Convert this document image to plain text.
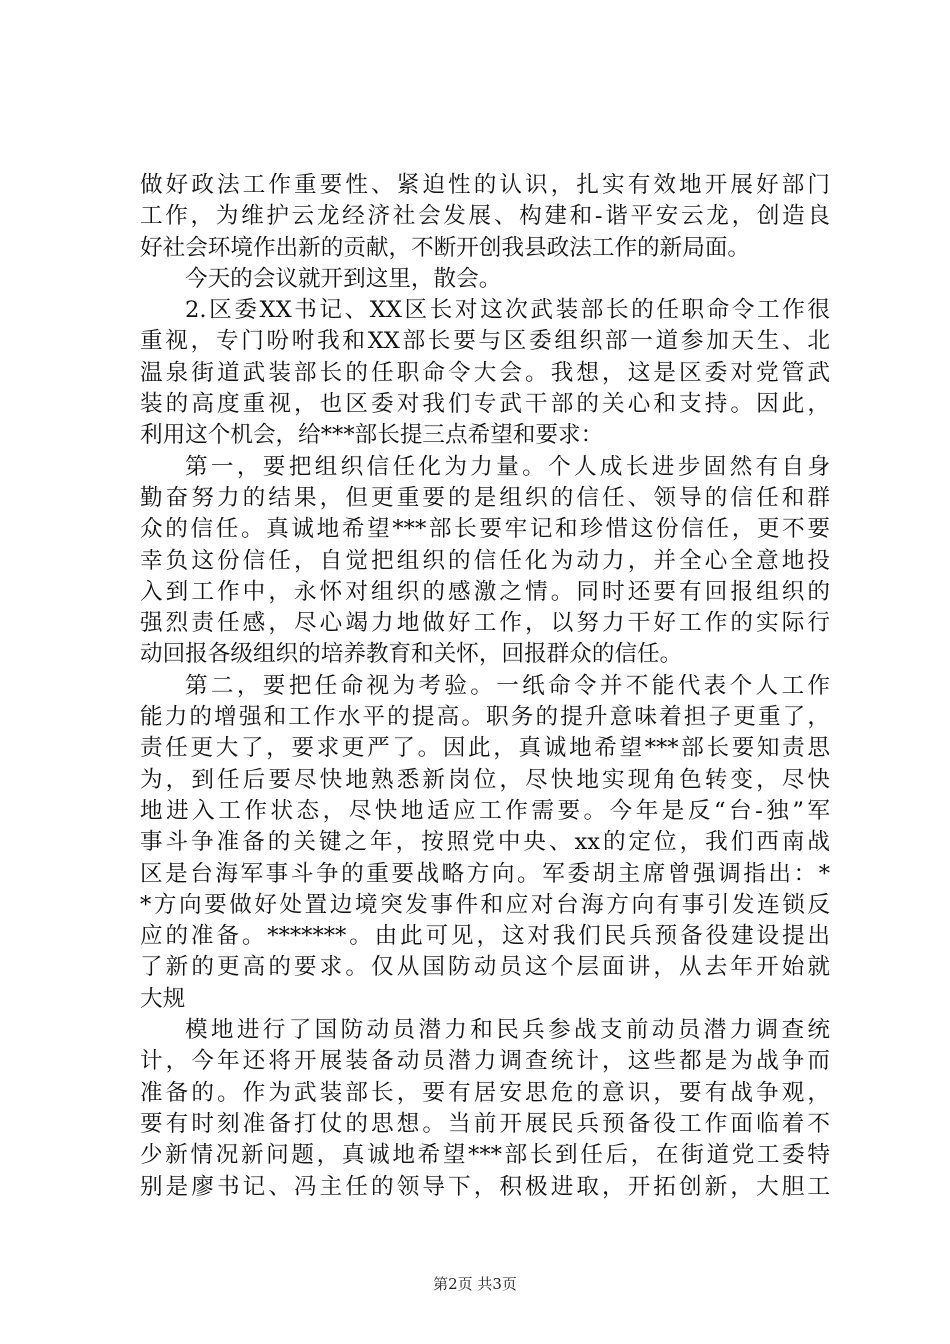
做好政法工作重要性、紧迫性的认识，扎实有效地开展好部门
工作，为维护云龙经济社会发展、构建和-谐平安云龙，创造良
好社会环境作出新的贡献，不断开创我县政法工作的新局面。
今天的会议就开到这里，散会。
2.区委XX书记、XX区长对这次武装部长的任职命令工作很
重视，专门吩咐我和XX部长要与区委组织部一道参加天生、北
温泉街道武装部长的任职命令大会。我想，这是区委对党管武
装的高度重视，也区委对我们专武干部的关心和支持。因此，
利用这个机会，给***部长提三点希望和要求：
第一，要把组织信任化为力量。个人成长进步固然有自身
勤奋努力的结果，但更重要的是组织的信任、领导的信任和群
众的信任。真诚地希望***部长要牢记和珍惜这份信任，更不要
幸负这份信任，自觉把组织的信任化为动力，并全心全意地投
入到工作中，永怀对组织的感激之情。同时还要有回报组织的
强烈责任感，尽心竭力地做好工作，以努力干好工作的实际行
动回报各级组织的培养教育和关怀，回报群众的信任。
第二，要把任命视为考验。一纸命令并不能代表个人工作
能力的增强和工作水平的提高。职务的提升意味着担子更重了，
责任更大了，要求更严了。因此，真诚地希望***部长要知责思
为，到任后要尽快地熟悉新岗位，尽快地实现角色转变，尽快
地进入工作状态，尽快地适应工作需要。今年是反“台-独”军
事斗争准备的关键之年，按照党中央、xx的定位，我们西南战
区是台海军事斗争的重要战略方向。军委胡主席曾强调指出：*
*方向要做好处置边境突发事件和应对台海方向有事引发连锁反
应的准备。*******。由此可见，这对我们民兵预备役建设提出
了新的更高的要求。仅从国防动员这个层面讲，从去年开始就
大规
模地进行了国防动员潜力和民兵参战支前动员潜力调查统
计，今年还将开展装备动员潜力调查统计，这些都是为战争而
准备的。作为武装部长，要有居安思危的意识，要有战争观，
要有时刻准备打仗的思想。当前开展民兵预备役工作面临着不
少新情况新问题，真诚地希望***部长到任后，在街道党工委特
别是廖书记、冯主任的领导下，积极进取，开拓创新，大胆工
第2页 共3页
